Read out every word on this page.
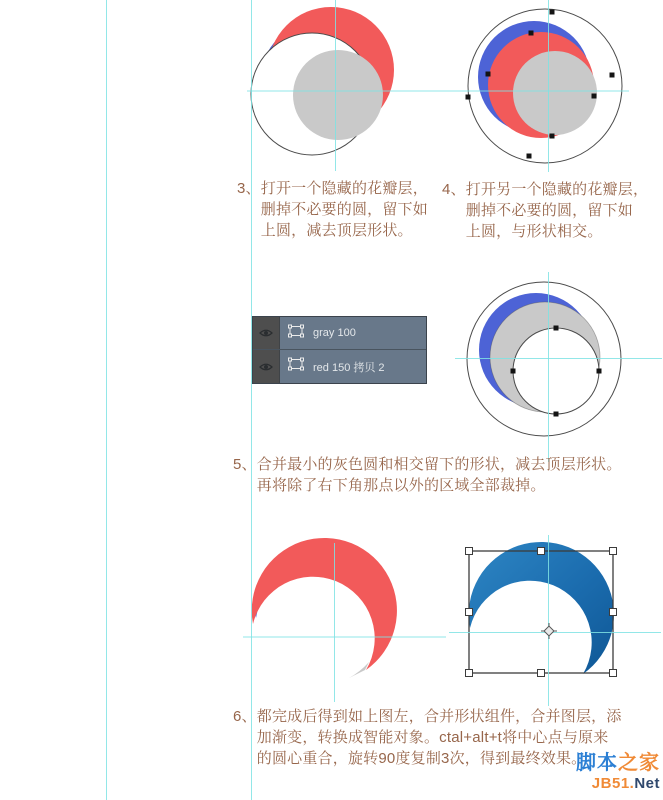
3、 打开一个隐藏的花瓣层，
删掉不必要的圆，留下如
上圆，减去顶层形状。
4、 打开另一个隐藏的花瓣层，
删掉不必要的圆，留下如
上圆，与形状相交。
gray 100
red 150 拷贝 2
5、 合并最小的灰色圆和相交留下的形状，减去顶层形状。
再将除了右下角那点以外的区域全部裁掉。
6、 都完成后得到如上图左，合并形状组件，合并图层，添
加渐变，转换成智能对象。ctal+alt+t将中心点与原来
的圆心重合，旋转90度复制3次，得到最终效果。
脚本之家
JB51.Net
